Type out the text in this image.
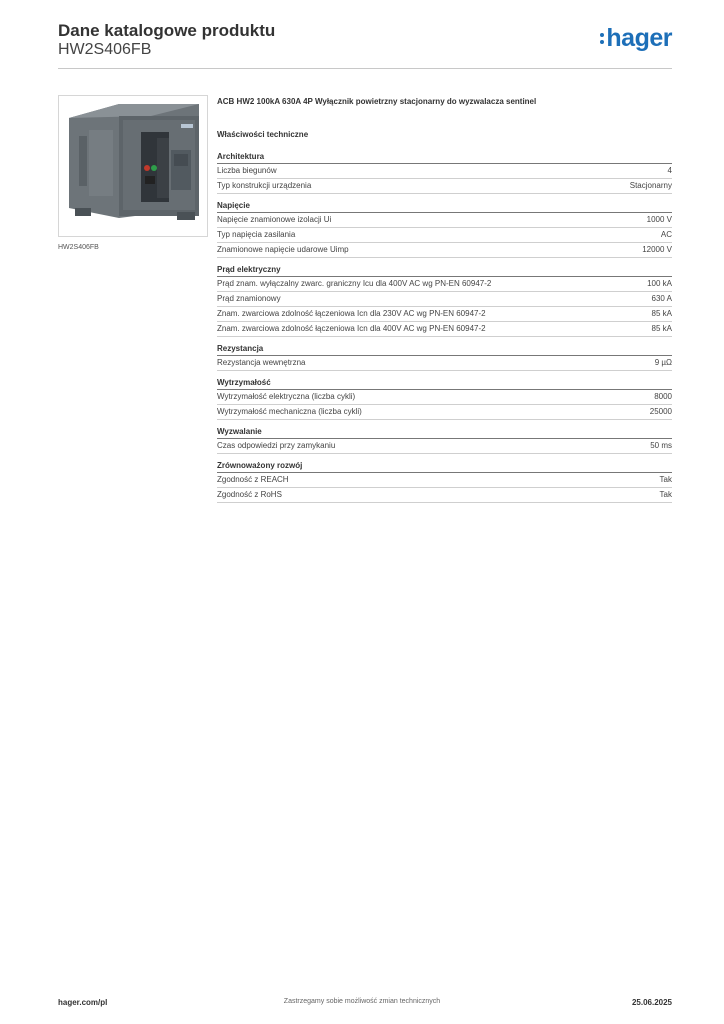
Dane katalogowe produktu
HW2S406FB	hager
HW2S406FB
ACB HW2 100kA 630A 4P Wyłącznik powietrzny stacjonarny do wyzwalacza sentinel
Właściwości techniczne
Architektura
Liczba biegunów	4
Typ konstrukcji urządzenia	Stacjonarny
Napięcie
Napięcie znamionowe izolacji Ui	1000 V
Typ napięcia zasilania	AC
Znamionowe napięcie udarowe Uimp	12000 V
Prąd elektryczny
Prąd znam. wyłączalny zwarc. graniczny Icu dla 400V AC wg PN-EN 60947-2	100 kA
Prąd znamionowy	630 A
Znam. zwarciowa zdolność łączeniowa Icn dla 230V AC wg PN-EN 60947-2	85 kA
Znam. zwarciowa zdolność łączeniowa Icn dla 400V AC wg PN-EN 60947-2	85 kA
Rezystancja
Rezystancja wewnętrzna	9 µΩ
Wytrzymałość
Wytrzymałość elektryczna (liczba cykli)	8000
Wytrzymałość mechaniczna (liczba cykli)	25000
Wyzwalanie
Czas odpowiedzi przy zamykaniu	50 ms
Zrównoważony rozwój
Zgodność z REACH	Tak
Zgodność z RoHS	Tak
hager.com/pl	Zastrzegamy sobie możliwość zmian technicznych	25.06.2025
